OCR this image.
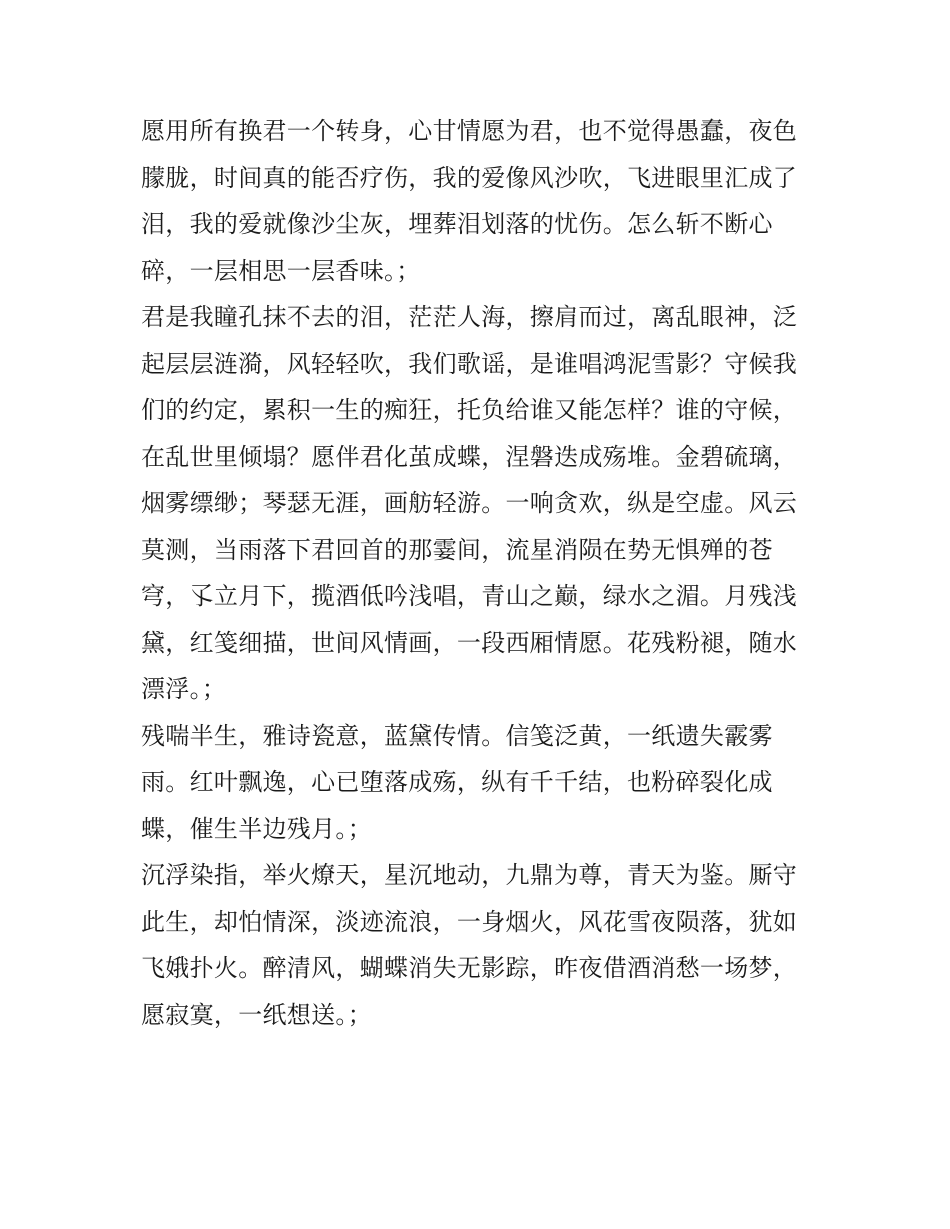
愿用所有换君一个转身，心甘情愿为君，也不觉得愚蠢，夜色
朦胧，时间真的能否疗伤，我的爱像风沙吹，飞进眼里汇成了
泪，我的爱就像沙尘灰，埋葬泪划落的忧伤。怎么斩不断心
碎，一层相思一层香味。；
君是我瞳孔抹不去的泪，茫茫人海，擦肩而过，离乱眼神，泛
起层层涟漪，风轻轻吹，我们歌谣，是谁唱鸿泥雪影？守候我
们的约定，累积一生的痴狂，托负给谁又能怎样？谁的守候，
在乱世里倾塌？愿伴君化茧成蝶，涅磐迭成殇堆。金碧硫璃，
烟雾缥缈；琴瑟无涯，画舫轻游。一响贪欢，纵是空虚。风云
莫测，当雨落下君回首的那霎间，流星消陨在势无惧殚的苍
穹，孓立月下，揽酒低吟浅唱，青山之巅，绿水之湄。月残浅
黛，红笺细描，世间风情画，一段西厢情愿。花残粉褪，随水
漂浮。；
残喘半生，雅诗瓷意，蓝黛传情。信笺泛黄，一纸遗失霰雾
雨。红叶飘逸，心已堕落成殇，纵有千千结，也粉碎裂化成
蝶，催生半边残月。；
沉浮染指，举火燎天，星沉地动，九鼎为尊，青天为鉴。厮守
此生，却怕情深，淡迹流浪，一身烟火，风花雪夜陨落，犹如
飞娥扑火。醉清风，蝴蝶消失无影踪，昨夜借酒消愁一场梦，
愿寂寞，一纸想送。；
